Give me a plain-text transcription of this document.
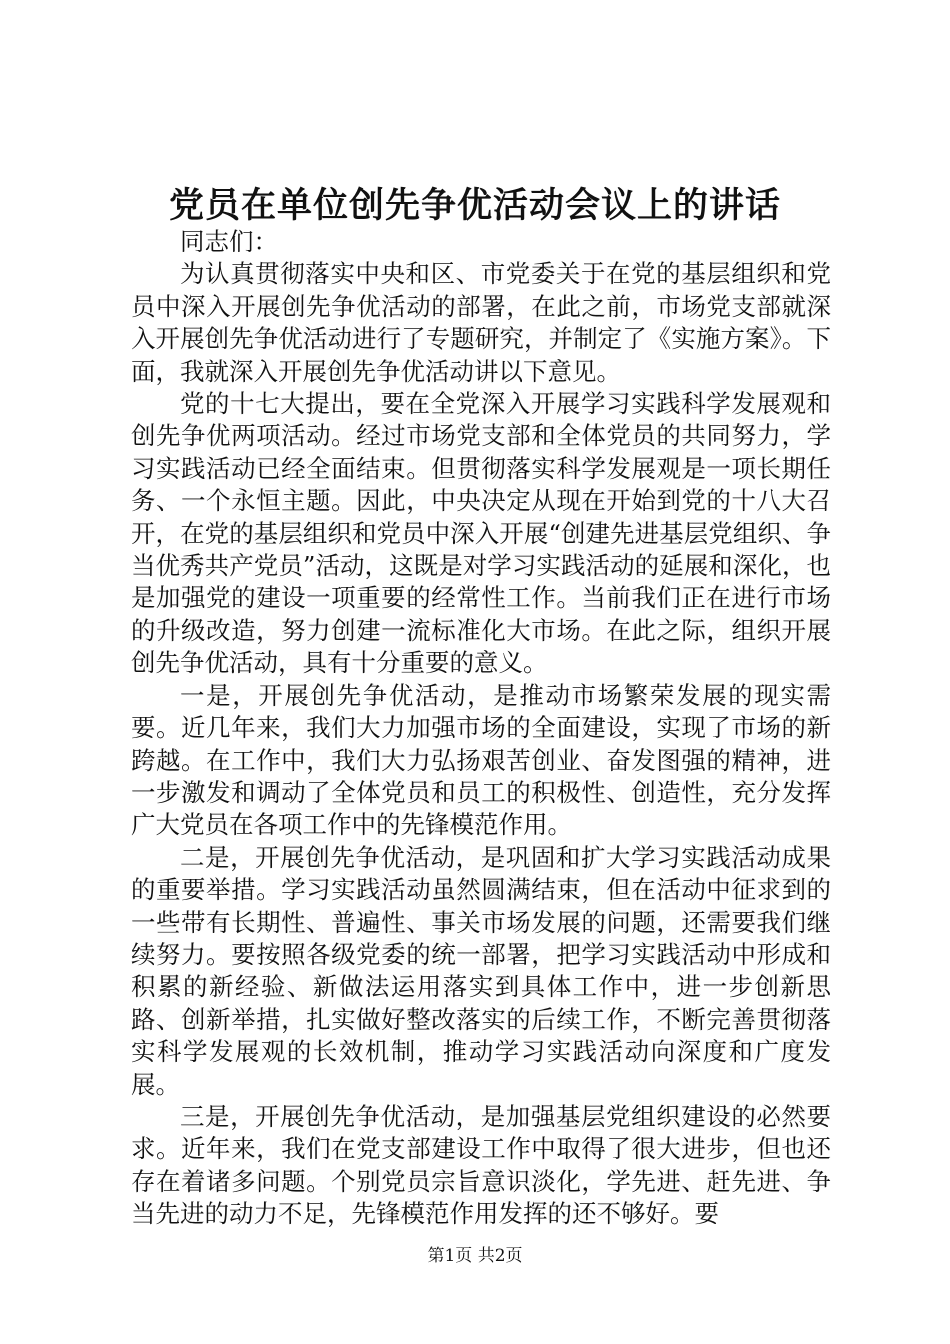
党员在单位创先争优活动会议上的讲话

同志们：

为认真贯彻落实中央和区、市党委关于在党的基层组织和党员中深入开展创先争优活动的部署，在此之前，市场党支部就深入开展创先争优活动进行了专题研究，并制定了《实施方案》。下面，我就深入开展创先争优活动讲以下意见。

党的十七大提出，要在全党深入开展学习实践科学发展观和创先争优两项活动。经过市场党支部和全体党员的共同努力，学习实践活动已经全面结束。但贯彻落实科学发展观是一项长期任务、一个永恒主题。因此，中央决定从现在开始到党的十八大召开，在党的基层组织和党员中深入开展“创建先进基层党组织、争当优秀共产党员”活动，这既是对学习实践活动的延展和深化，也是加强党的建设一项重要的经常性工作。当前我们正在进行市场的升级改造，努力创建一流标准化大市场。在此之际，组织开展创先争优活动，具有十分重要的意义。

一是，开展创先争优活动，是推动市场繁荣发展的现实需要。近几年来，我们大力加强市场的全面建设，实现了市场的新跨越。在工作中，我们大力弘扬艰苦创业、奋发图强的精神，进一步激发和调动了全体党员和员工的积极性、创造性，充分发挥广大党员在各项工作中的先锋模范作用。

二是，开展创先争优活动，是巩固和扩大学习实践活动成果的重要举措。学习实践活动虽然圆满结束，但在活动中征求到的一些带有长期性、普遍性、事关市场发展的问题，还需要我们继续努力。要按照各级党委的统一部署，把学习实践活动中形成和积累的新经验、新做法运用落实到具体工作中，进一步创新思路、创新举措，扎实做好整改落实的后续工作，不断完善贯彻落实科学发展观的长效机制，推动学习实践活动向深度和广度发展。

三是，开展创先争优活动，是加强基层党组织建设的必然要求。近年来，我们在党支部建设工作中取得了很大进步，但也还存在着诸多问题。个别党员宗旨意识淡化，学先进、赶先进、争当先进的动力不足，先锋模范作用发挥的还不够好。要

第1页 共2页
